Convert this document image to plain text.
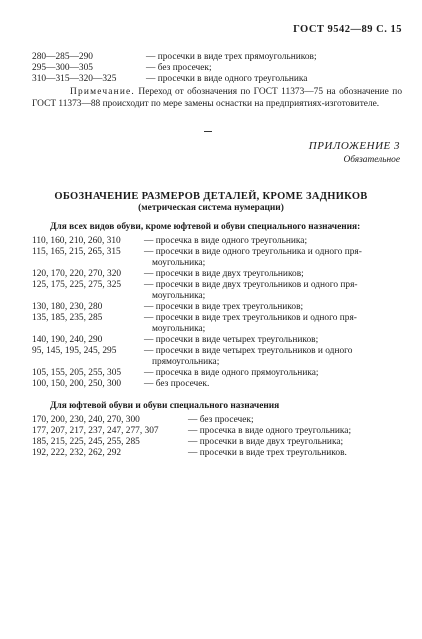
ГОСТ 9542—89 С. 15
280—285—290	— просечки в виде трех прямоугольников;
295—300—305	— без просечек;
310—315—320—325	— просечки в виде одного треугольника
Примечание. Переход от обозначения по ГОСТ 11373—75 на обозначение по ГОСТ 11373—88 происходит по мере замены оснастки на предприятиях-изготовителе.
ПРИЛОЖЕНИЕ 3
Обязательное
ОБОЗНАЧЕНИЕ РАЗМЕРОВ ДЕТАЛЕЙ, КРОМЕ ЗАДНИКОВ
(метрическая система нумерации)
Для всех видов обуви, кроме юфтевой и обуви специального назначения:
110, 160, 210, 260, 310 — просечка в виде одного треугольника;
115, 165, 215, 265, 315 — просечки в виде одного треугольника и одного пря-
моугольника;
120, 170, 220, 270, 320 — просечки в виде двух треугольников;
125, 175, 225, 275, 325 — просечки в виде двух треугольников и одного пря-
моугольника;
130, 180, 230, 280	— просечки в виде трех треугольников;
135, 185, 235, 285	— просечки в виде трех треугольников и одного пря-
моугольника;
140, 190, 240, 290	— просечки в виде четырех треугольников;
95, 145, 195, 245, 295	— просечки в виде четырех треугольников и одного
прямоугольника;
105, 155, 205, 255, 305 — просечка в виде одного прямоугольника;
100, 150, 200, 250, 300 — без просечек.
Для юфтевой обуви и обуви специального назначения
170, 200, 230, 240, 270, 300	— без просечек;
177, 207, 217, 237, 247, 277, 307	— просечка в виде одного треугольника;
185, 215, 225, 245, 255, 285	— просечки в виде двух треугольника;
192, 222, 232, 262, 292	— просечки в виде трех треугольников.
